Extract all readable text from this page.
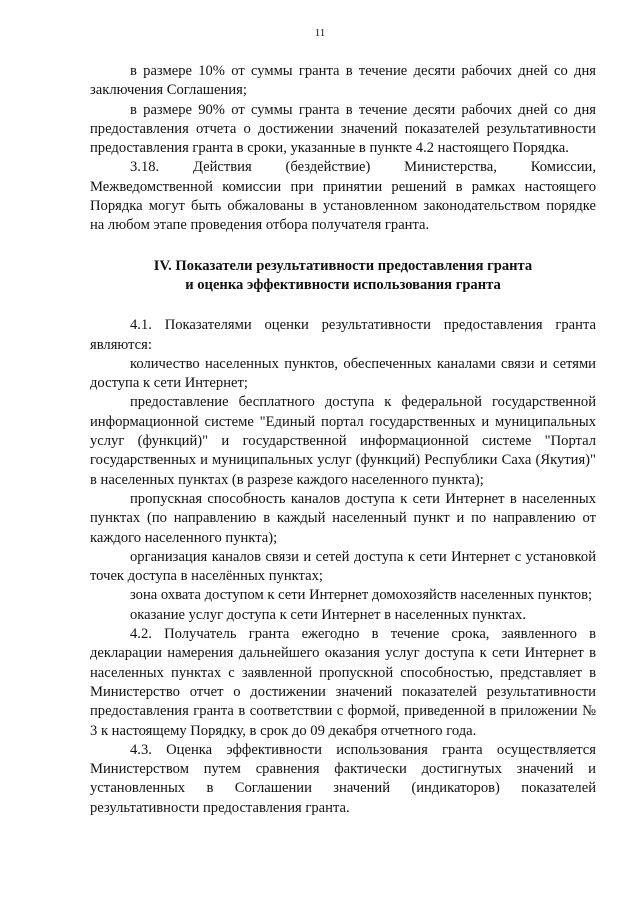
11

в размере 10% от суммы гранта в течение десяти рабочих дней со дня заключения Соглашения;

в размере 90% от суммы гранта в течение десяти рабочих дней со дня предоставления отчета о достижении значений показателей результативности предоставления гранта в сроки, указанные в пункте 4.2 настоящего Порядка.

3.18. Действия (бездействие) Министерства, Комиссии, Межведомственной комиссии при принятии решений в рамках настоящего Порядка могут быть обжалованы в установленном законодательством порядке на любом этапе проведения отбора получателя гранта.

IV. Показатели результативности предоставления гранта

и оценка эффективности использования гранта

4.1. Показателями оценки результативности предоставления гранта являются:

количество населенных пунктов, обеспеченных каналами связи и сетями доступа к сети Интернет;

предоставление бесплатного доступа к федеральной государственной информационной системе "Единый портал государственных и муниципальных услуг (функций)" и государственной информационной системе "Портал государственных и муниципальных услуг (функций) Республики Саха (Якутия)" в населенных пунктах (в разрезе каждого населенного пункта);

пропускная способность каналов доступа к сети Интернет в населенных пунктах (по направлению в каждый населенный пункт и по направлению от каждого населенного пункта);

организация каналов связи и сетей доступа к сети Интернет с установкой точек доступа в населённых пунктах;

зона охвата доступом к сети Интернет домохозяйств населенных пунктов;

оказание услуг доступа к сети Интернет в населенных пунктах.

4.2. Получатель гранта ежегодно в течение срока, заявленного в декларации намерения дальнейшего оказания услуг доступа к сети Интернет в населенных пунктах с заявленной пропускной способностью, представляет в Министерство отчет о достижении значений показателей результативности предоставления гранта в соответствии с формой, приведенной в приложении № 3 к настоящему Порядку, в срок до 09 декабря отчетного года.

4.3. Оценка эффективности использования гранта осуществляется Министерством путем сравнения фактически достигнутых значений и установленных в Соглашении значений (индикаторов) показателей результативности предоставления гранта.
